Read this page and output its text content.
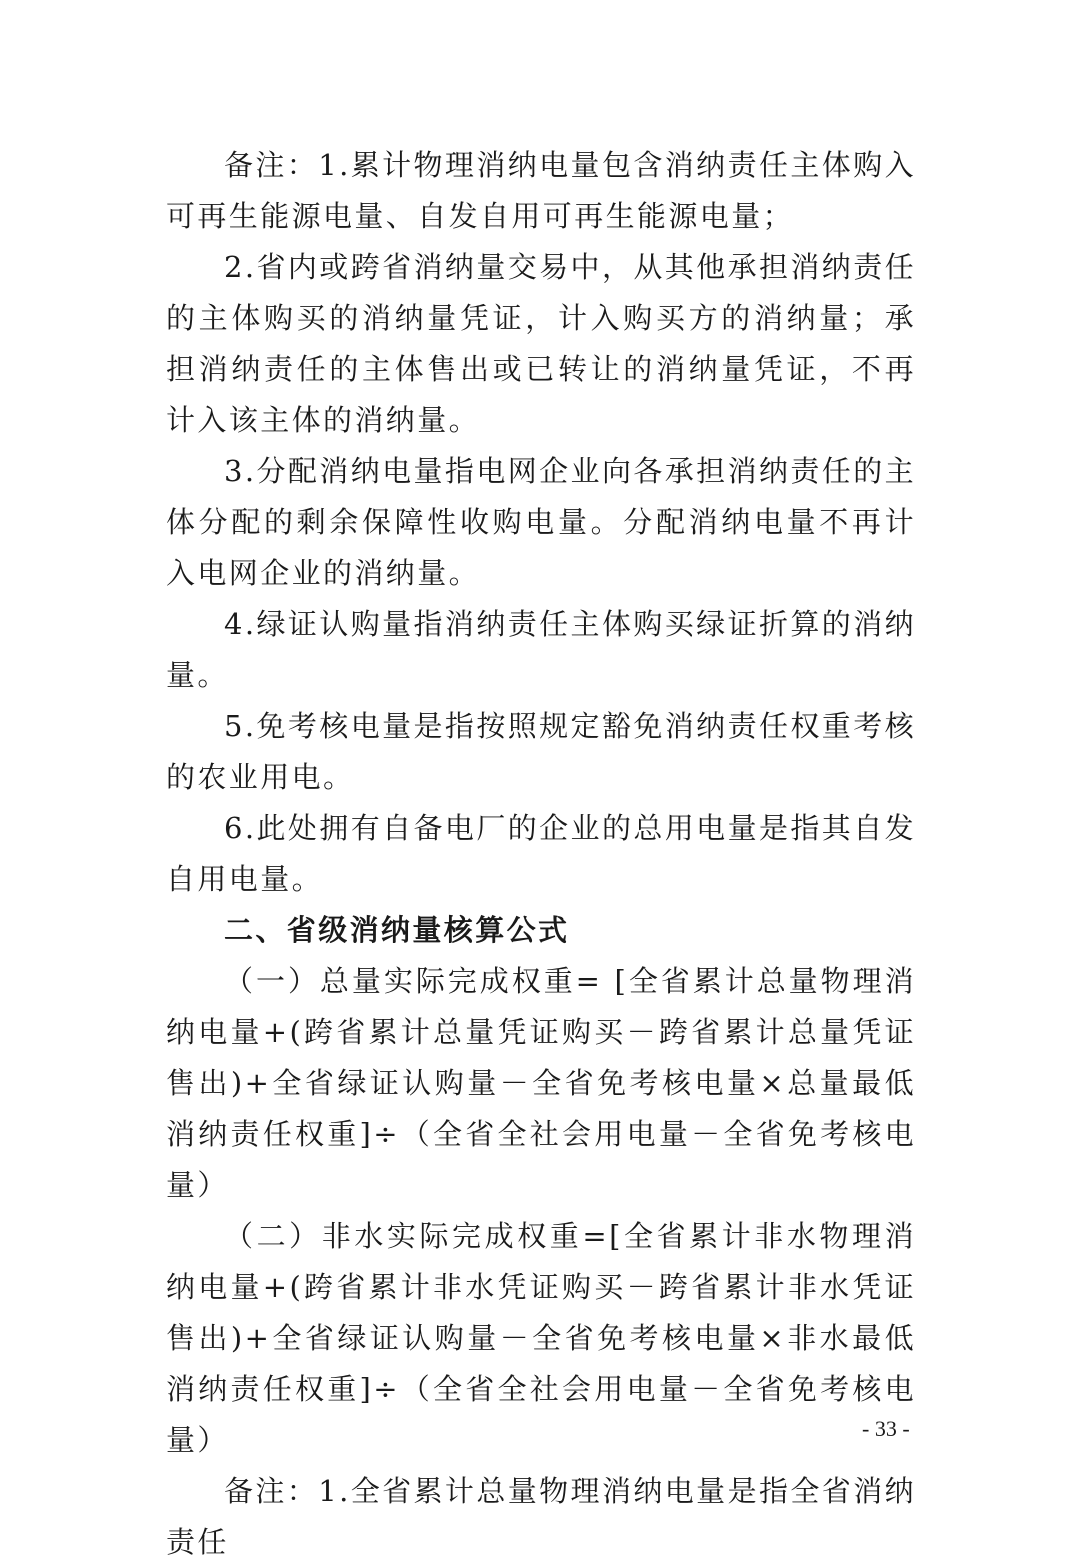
备注：1.累计物理消纳电量包含消纳责任主体购入可再生能源电量、自发自用可再生能源电量；

2.省内或跨省消纳量交易中，从其他承担消纳责任的主体购买的消纳量凭证，计入购买方的消纳量；承担消纳责任的主体售出或已转让的消纳量凭证，不再计入该主体的消纳量。

3.分配消纳电量指电网企业向各承担消纳责任的主体分配的剩余保障性收购电量。分配消纳电量不再计入电网企业的消纳量。

4.绿证认购量指消纳责任主体购买绿证折算的消纳量。

5.免考核电量是指按照规定豁免消纳责任权重考核的农业用电。

6.此处拥有自备电厂的企业的总用电量是指其自发自用电量。

二、省级消纳量核算公式

（一）总量实际完成权重= [全省累计总量物理消纳电量+(跨省累计总量凭证购买－跨省累计总量凭证售出)+全省绿证认购量－全省免考核电量×总量最低消纳责任权重]÷（全省全社会用电量－全省免考核电量）

（二）非水实际完成权重=[全省累计非水物理消纳电量+(跨省累计非水凭证购买－跨省累计非水凭证售出)+全省绿证认购量－全省免考核电量×非水最低消纳责任权重]÷（全省全社会用电量－全省免考核电量）

备注：1.全省累计总量物理消纳电量是指全省消纳责任

- 33 -
